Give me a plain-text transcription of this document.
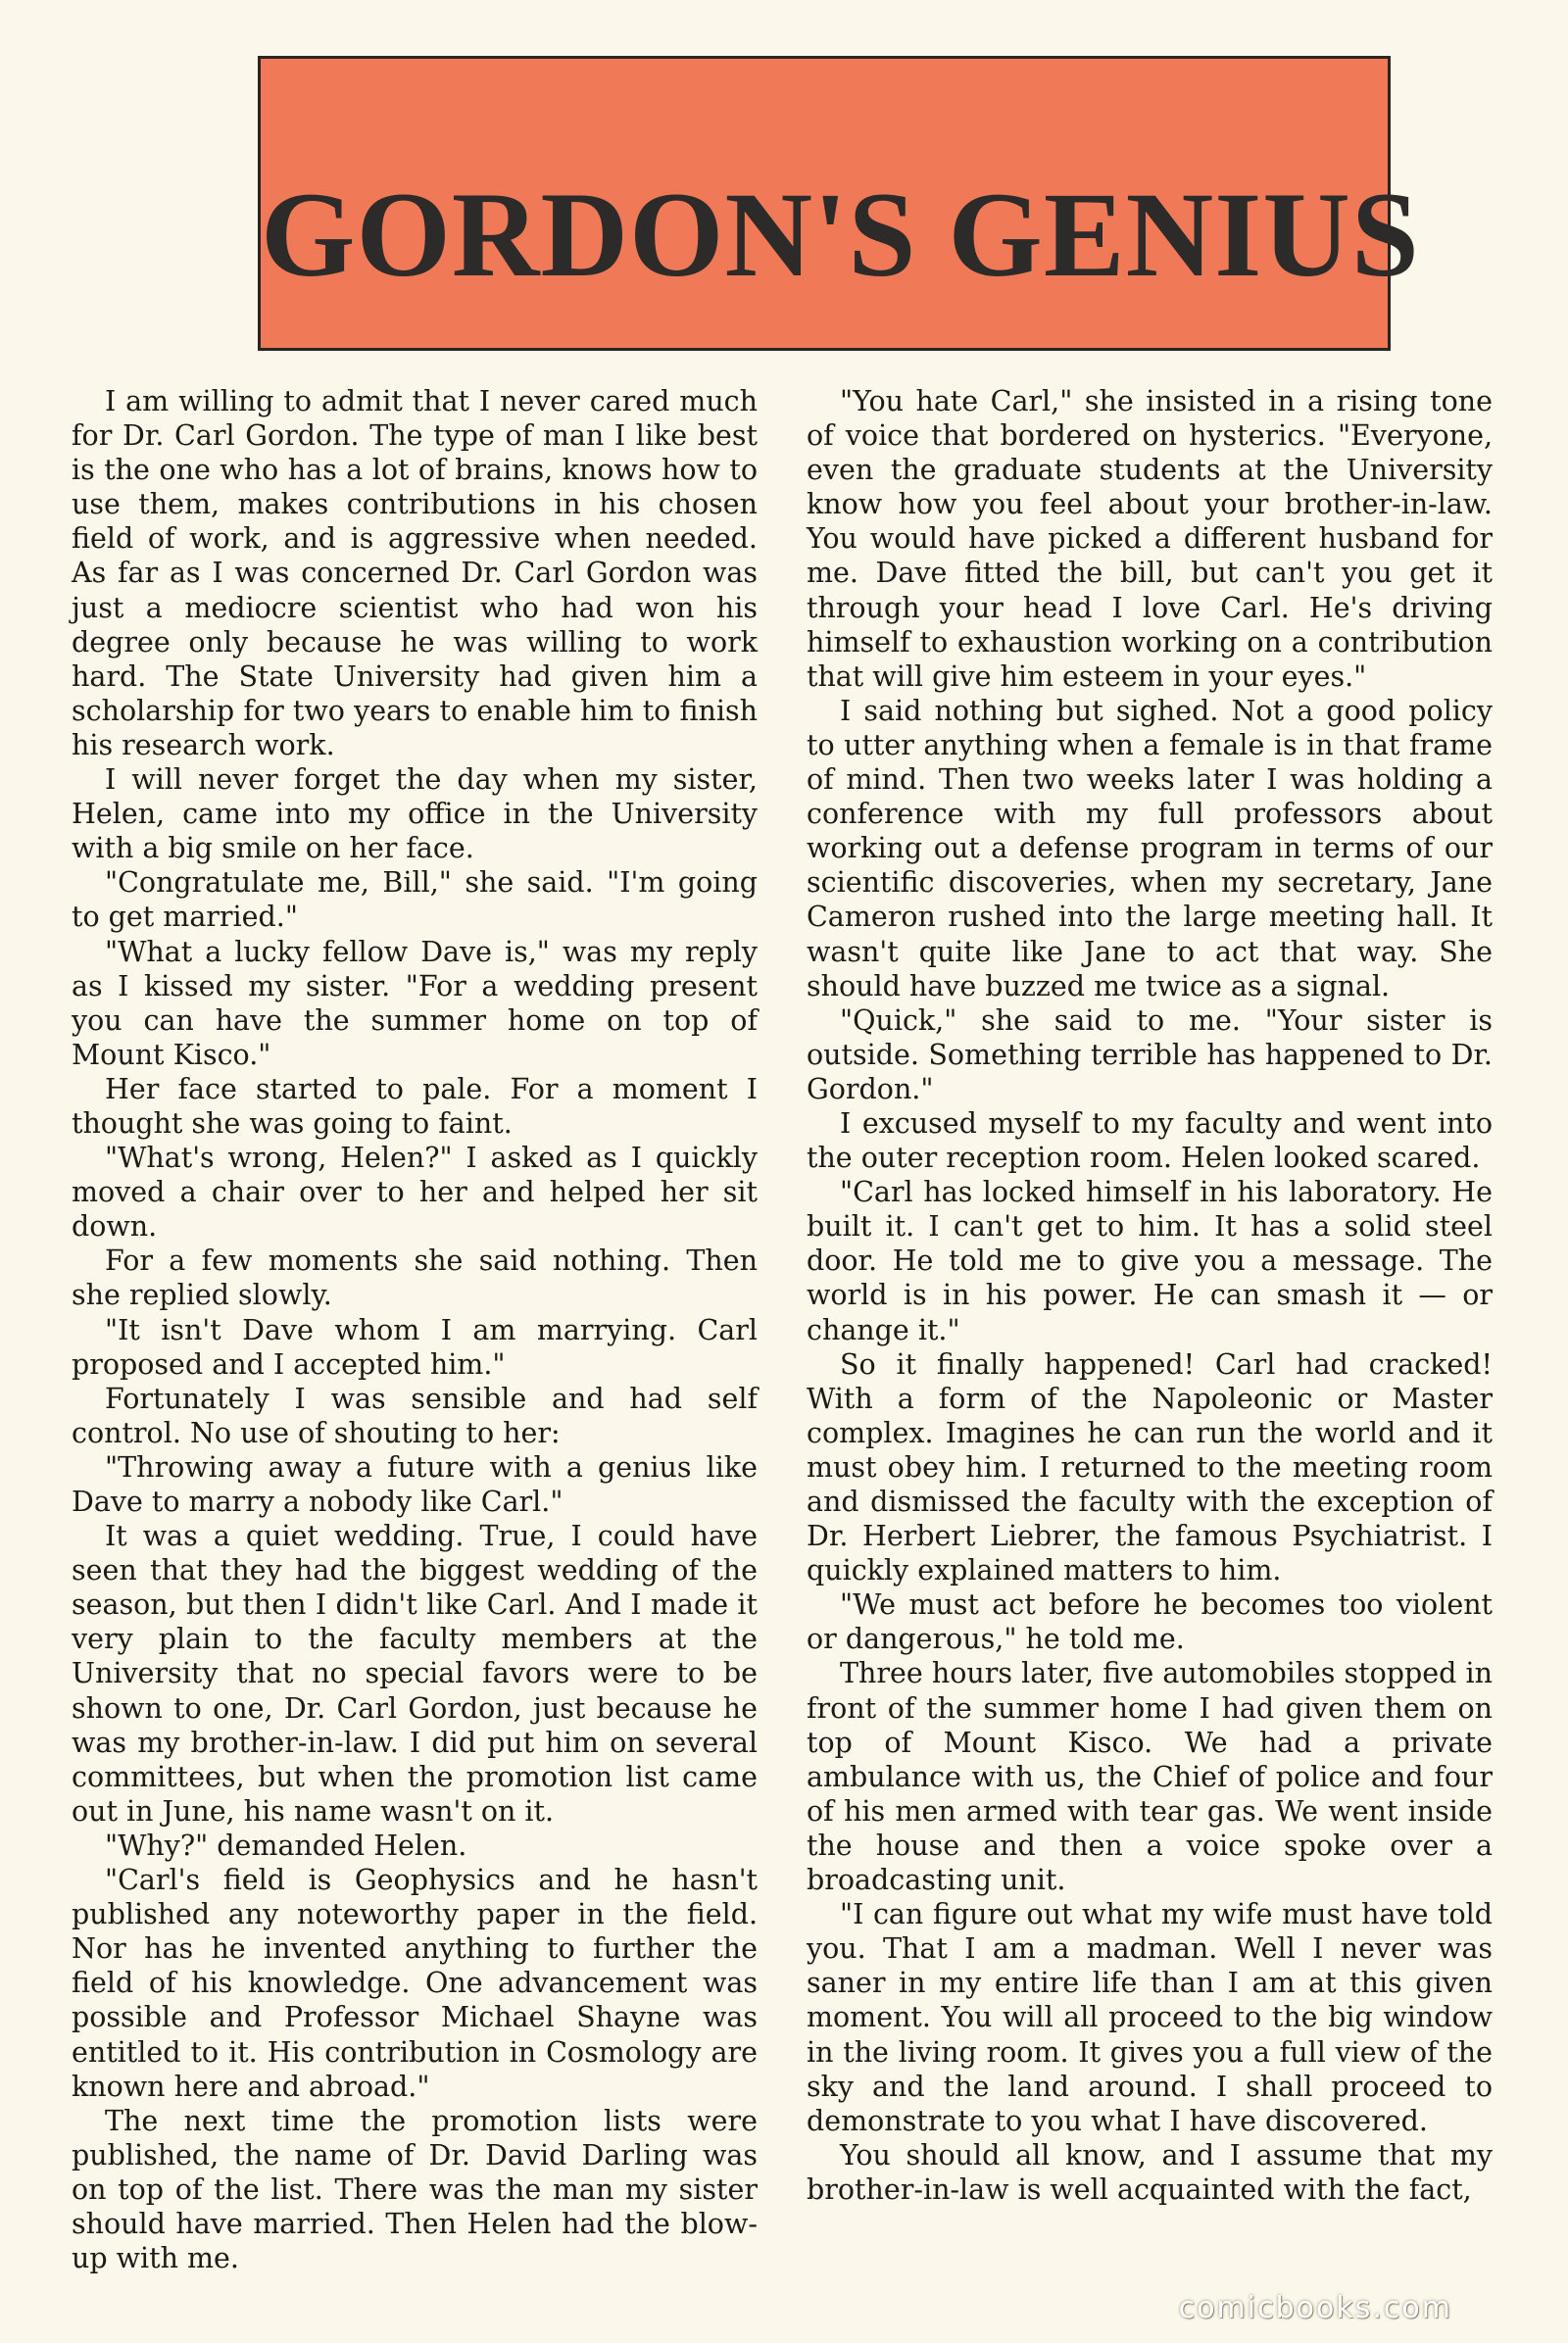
GORDON'S GENIUS

I am willing to admit that I never cared much for Dr. Carl Gordon. The type of man I like best is the one who has a lot of brains, knows how to use them, makes contributions in his chosen field of work, and is aggressive when needed. As far as I was concerned Dr. Carl Gordon was just a mediocre scientist who had won his degree only because he was willing to work hard. The State University had given him a scholarship for two years to enable him to finish his research work.

I will never forget the day when my sister, Helen, came into my office in the University with a big smile on her face.

"Congratulate me, Bill," she said. "I'm going to get married."

"What a lucky fellow Dave is," was my reply as I kissed my sister. "For a wedding present you can have the summer home on top of Mount Kisco."

Her face started to pale. For a moment I thought she was going to faint.

"What's wrong, Helen?" I asked as I quickly moved a chair over to her and helped her sit down.

For a few moments she said nothing. Then she replied slowly.

"It isn't Dave whom I am marrying. Carl proposed and I accepted him."

Fortunately I was sensible and had self control. No use of shouting to her:

"Throwing away a future with a genius like Dave to marry a nobody like Carl."

It was a quiet wedding. True, I could have seen that they had the biggest wedding of the season, but then I didn't like Carl. And I made it very plain to the faculty members at the University that no special favors were to be shown to one, Dr. Carl Gordon, just because he was my brother-in-law. I did put him on several committees, but when the promotion list came out in June, his name wasn't on it.

"Why?" demanded Helen.

"Carl's field is Geophysics and he hasn't published any noteworthy paper in the field. Nor has he invented anything to further the field of his knowledge. One advancement was possible and Professor Michael Shayne was entitled to it. His contribution in Cosmology are known here and abroad."

The next time the promotion lists were published, the name of Dr. David Darling was on top of the list. There was the man my sister should have married. Then Helen had the blow-up with me.

"You hate Carl," she insisted in a rising tone of voice that bordered on hysterics. "Everyone, even the graduate students at the University know how you feel about your brother-in-law. You would have picked a different husband for me. Dave fitted the bill, but can't you get it through your head I love Carl. He's driving himself to exhaustion working on a contribution that will give him esteem in your eyes."

I said nothing but sighed. Not a good policy to utter anything when a female is in that frame of mind. Then two weeks later I was holding a conference with my full professors about working out a defense program in terms of our scientific discoveries, when my secretary, Jane Cameron rushed into the large meeting hall. It wasn't quite like Jane to act that way. She should have buzzed me twice as a signal.

"Quick," she said to me. "Your sister is outside. Something terrible has happened to Dr. Gordon."

I excused myself to my faculty and went into the outer reception room. Helen looked scared.

"Carl has locked himself in his laboratory. He built it. I can't get to him. It has a solid steel door. He told me to give you a message. The world is in his power. He can smash it — or change it."

So it finally happened! Carl had cracked! With a form of the Napoleonic or Master complex. Imagines he can run the world and it must obey him. I returned to the meeting room and dismissed the faculty with the exception of Dr. Herbert Liebrer, the famous Psychiatrist. I quickly explained matters to him.

"We must act before he becomes too violent or dangerous," he told me.

Three hours later, five automobiles stopped in front of the summer home I had given them on top of Mount Kisco. We had a private ambulance with us, the Chief of police and four of his men armed with tear gas. We went inside the house and then a voice spoke over a broadcasting unit.

"I can figure out what my wife must have told you. That I am a madman. Well I never was saner in my entire life than I am at this given moment. You will all proceed to the big window in the living room. It gives you a full view of the sky and the land around. I shall proceed to demonstrate to you what I have discovered.

You should all know, and I assume that my brother-in-law is well acquainted with the fact,

comicbooks.com
